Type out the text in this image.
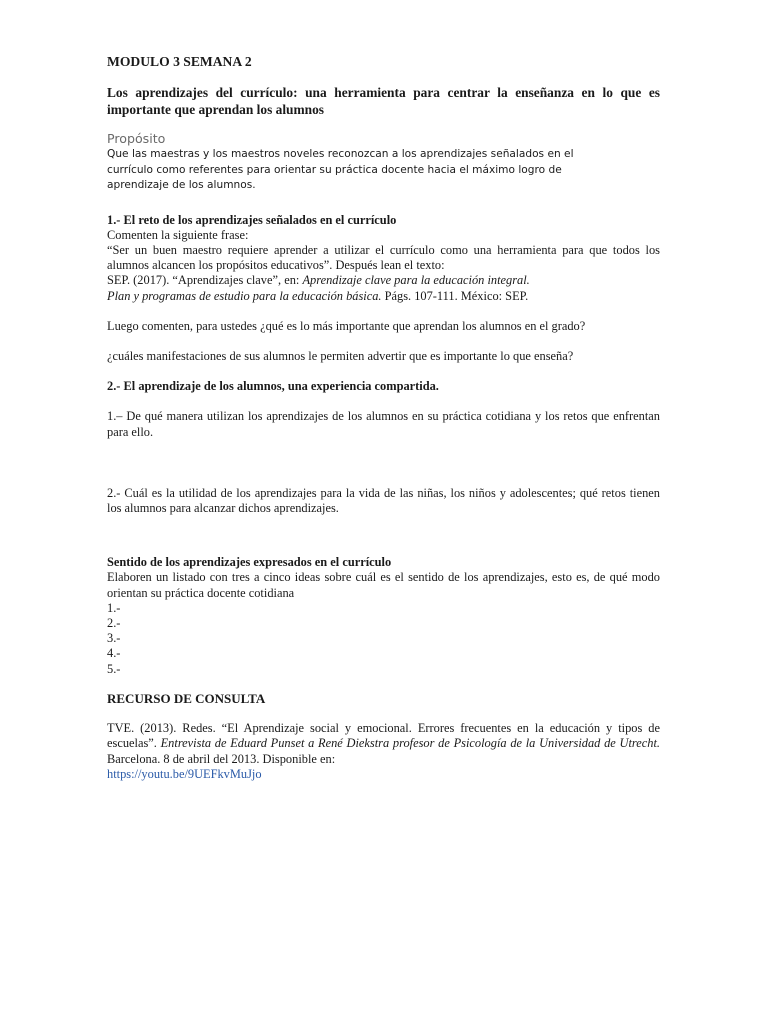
MODULO 3 SEMANA 2

Los aprendizajes del currículo: una herramienta para centrar la enseñanza en lo que es importante que aprendan los alumnos

Propósito

Que las maestras y los maestros noveles reconozcan a los aprendizajes señalados en el

currículo como referentes para orientar su práctica docente hacia el máximo logro de

aprendizaje de los alumnos.

1.- El reto de los aprendizajes señalados en el currículo

Comenten la siguiente frase:

“Ser un buen maestro requiere aprender a utilizar el currículo como una herramienta para que todos los alumnos alcancen los propósitos educativos”. Después lean el texto:

SEP. (2017). “Aprendizajes clave”, en: Aprendizaje clave para la educación integral.

Plan y programas de estudio para la educación básica. Págs. 107-111. México: SEP.

Luego comenten, para ustedes ¿qué es lo más importante que aprendan los alumnos en el grado?

¿cuáles manifestaciones de sus alumnos le permiten advertir que es importante lo que enseña?

2.- El aprendizaje de los alumnos, una experiencia compartida.

1.– De qué manera utilizan los aprendizajes de los alumnos en su práctica cotidiana y los retos que enfrentan para ello.

2.- Cuál es la utilidad de los aprendizajes para la vida de las niñas, los niños y adolescentes; qué retos tienen los alumnos para alcanzar dichos aprendizajes.

Sentido de los aprendizajes expresados en el currículo

Elaboren un listado con tres a cinco ideas sobre cuál es el sentido de los aprendizajes, esto es, de qué modo orientan su práctica docente cotidiana

1.-

2.-

3.-

4.-

5.-

RECURSO DE CONSULTA

TVE. (2013). Redes. “El Aprendizaje social y emocional. Errores frecuentes en la educación y tipos de escuelas”. Entrevista de Eduard Punset a René Diekstra profesor de Psicología de la Universidad de Utrecht. Barcelona. 8 de abril del 2013. Disponible en:

https://youtu.be/9UEFkvMuJjo
